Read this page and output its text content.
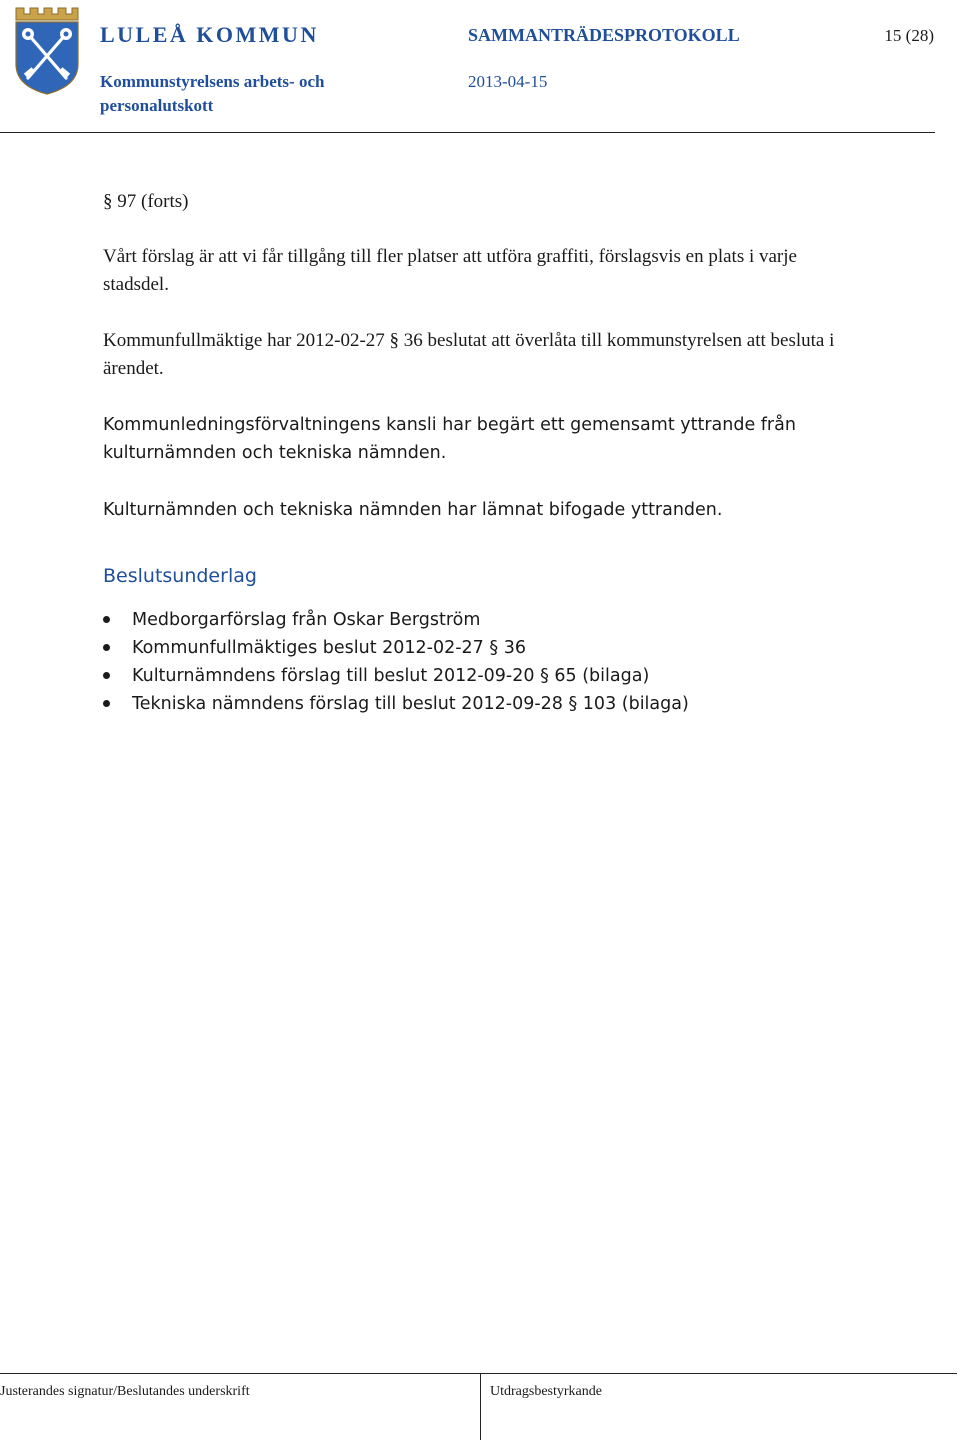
LULEÅ KOMMUN
Kommunstyrelsens arbets- och
personalutskott
SAMMANTRÄDESPROTOKOLL
2013-04-15
15 (28)

§ 97 (forts)

Vårt förslag är att vi får tillgång till fler platser att utföra graffiti, förslagsvis en plats i varje stadsdel.

Kommunfullmäktige har 2012-02-27 § 36 beslutat att överlåta till kommunstyrelsen att besluta i ärendet.

Kommunledningsförvaltningens kansli har begärt ett gemensamt yttrande från kulturnämnden och tekniska nämnden.

Kulturnämnden och tekniska nämnden har lämnat bifogade yttranden.

Beslutsunderlag
Medborgarförslag från Oskar Bergström
Kommunfullmäktiges beslut 2012-02-27 § 36
Kulturnämndens förslag till beslut 2012-09-20 § 65 (bilaga)
Tekniska nämndens förslag till beslut 2012-09-28 § 103 (bilaga)
Justerandes signatur/Beslutandes underskrift	Utdragsbestyrkande
